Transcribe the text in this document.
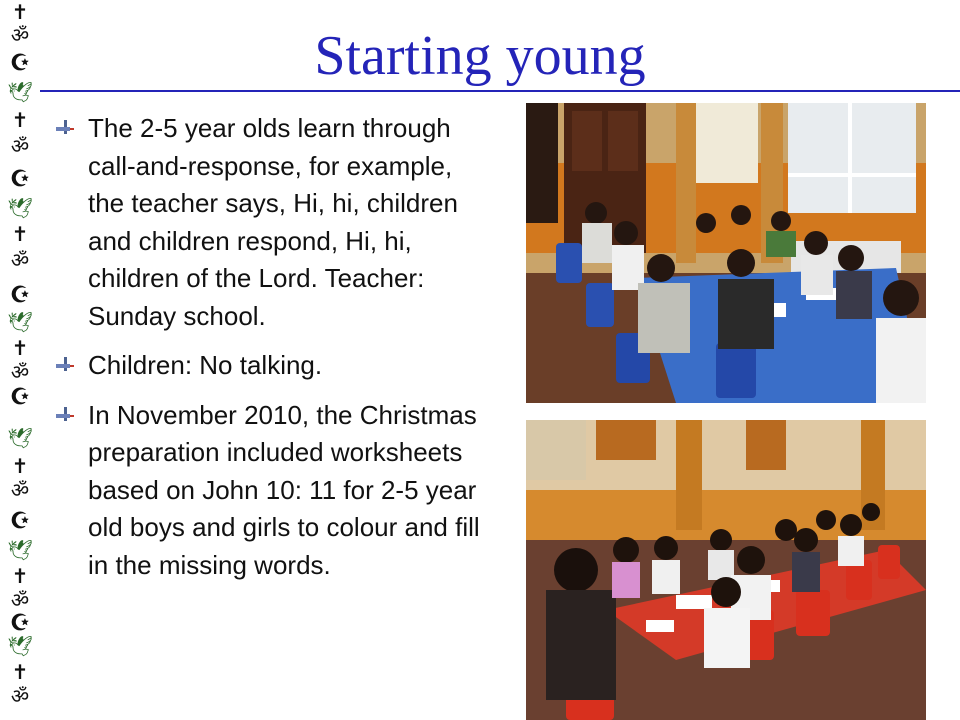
✝
ॐ
☪
🕊
✝
ॐ
☪
🕊
✝
ॐ
☪
🕊
✝
ॐ
☪
🕊
✝
ॐ
☪
🕊
✝
ॐ
☪
🕊
✝
ॐ
Starting young
The 2-5 year olds learn through call-and-response, for example, the teacher says, Hi, hi, children and children respond, Hi, hi, children of the Lord. Teacher: Sunday school.
Children: No talking.
In November 2010, the Christmas preparation included worksheets based on John 10: 11 for 2-5 year old boys and girls to colour and fill in the missing words.
